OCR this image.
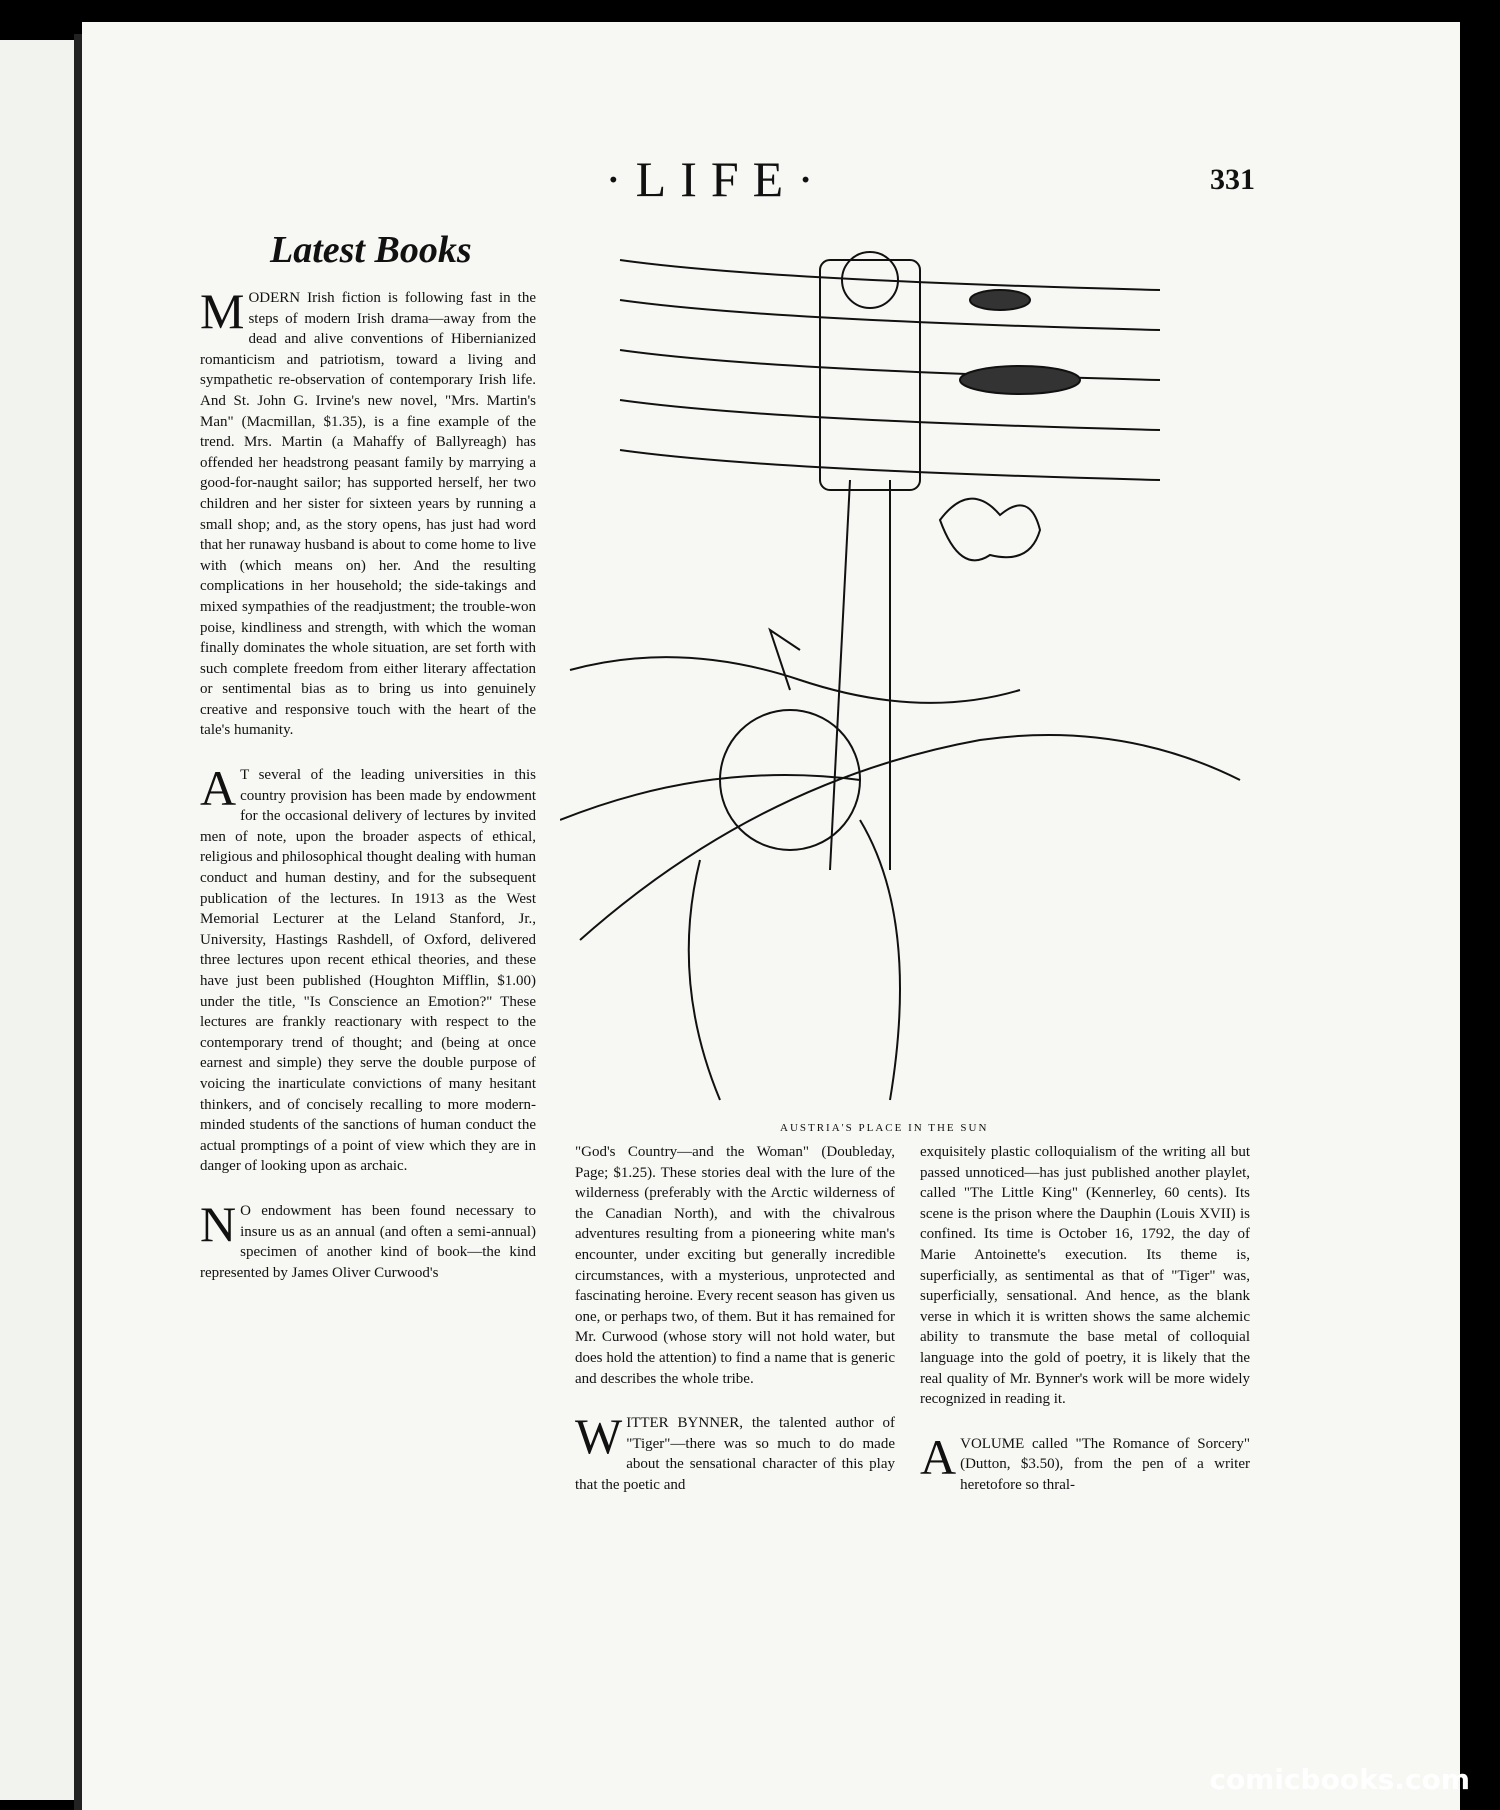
·LIFE·	331
Latest Books

MODERN Irish fiction is following fast in the steps of modern Irish drama—away from the dead and alive conventions of Hibernianized romanticism and patriotism, toward a living and sympathetic re-observation of contemporary Irish life. And St. John G. Irvine's new novel, "Mrs. Martin's Man" (Macmillan, $1.35), is a fine example of the trend. Mrs. Martin (a Mahaffy of Ballyreagh) has offended her headstrong peasant family by marrying a good-for-naught sailor; has supported herself, her two children and her sister for sixteen years by running a small shop; and, as the story opens, has just had word that her runaway husband is about to come home to live with (which means on) her. And the resulting complications in her household; the side-takings and mixed sympathies of the readjustment; the trouble-won poise, kindliness and strength, with which the woman finally dominates the whole situation, are set forth with such complete freedom from either literary affectation or sentimental bias as to bring us into genuinely creative and responsive touch with the heart of the tale's humanity.

A T several of the leading universities in this country provision has been made by endowment for the occasional delivery of lectures by invited men of note, upon the broader aspects of ethical, religious and philosophical thought dealing with human conduct and human destiny, and for the subsequent publication of the lectures. In 1913 as the West Memorial Lecturer at the Leland Stanford, Jr., University, Hastings Rashdell, of Oxford, delivered three lectures upon recent ethical theories, and these have just been published (Houghton Mifflin, $1.00) under the title, "Is Conscience an Emotion?" These lectures are frankly reactionary with respect to the contemporary trend of thought; and (being at once earnest and simple) they serve the double purpose of voicing the inarticulate convictions of many hesitant thinkers, and of concisely recalling to more modern-minded students of the sanctions of human conduct the actual promptings of a point of view which they are in danger of looking upon as archaic.

N O endowment has been found necessary to insure us as an annual (and often a semi-annual) specimen of another kind of book—the kind represented by James Oliver Curwood's

AUSTRIA'S PLACE IN THE SUN

"God's Country—and the Woman" (Doubleday, Page; $1.25). These stories deal with the lure of the wilderness (preferably with the Arctic wilderness of the Canadian North), and with the chivalrous adventures resulting from a pioneering white man's encounter, under exciting but generally incredible circumstances, with a mysterious, unprotected and fascinating heroine. Every recent season has given us one, or perhaps two, of them. But it has remained for Mr. Curwood (whose story will not hold water, but does hold the attention) to find a name that is generic and describes the whole tribe.

WITTER BYNNER, the talented author of "Tiger"—there was so much to do made about the sensational character of this play that the poetic and

exquisitely plastic colloquialism of the writing all but passed unnoticed—has just published another playlet, called "The Little King" (Kennerley, 60 cents). Its scene is the prison where the Dauphin (Louis XVII) is confined. Its time is October 16, 1792, the day of Marie Antoinette's execution. Its theme is, superficially, as sentimental as that of "Tiger" was, superficially, sensational. And hence, as the blank verse in which it is written shows the same alchemic ability to transmute the base metal of colloquial language into the gold of poetry, it is likely that the real quality of Mr. Bynner's work will be more widely recognized in reading it.

AVOLUME called "The Romance of Sorcery" (Dutton, $3.50), from the pen of a writer heretofore so thral-

comicbooks.com
